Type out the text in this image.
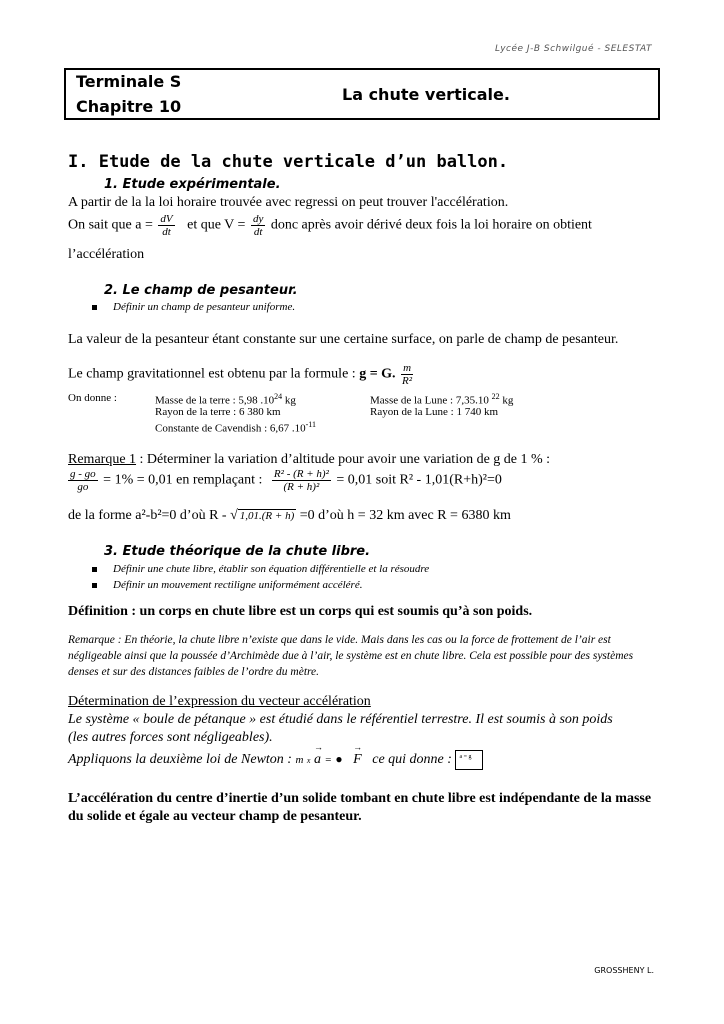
Lycée J-B Schwilgué - SELESTAT
Terminale S
Chapitre 10
La chute verticale.
I. Etude de la chute verticale d’un ballon.
1. Etude expérimentale.
A partir de la la loi horaire trouvée avec regressi on peut trouver l'accélération.
On sait que $a = \frac{dV}{dt}$ et que $V = \frac{dy}{dt}$ donc après avoir dérivé deux fois la loi horaire on obtient
l’accélération
2. Le champ de pesanteur.
Définir un champ de pesanteur uniforme.
La valeur de la pesanteur étant constante sur une certaine surface, on parle de champ de pesanteur.
Le champ gravitationnel est obtenu par la formule : g = G. $\frac{m}{\text{R²}}$
On donne :	Masse de la terre : 5,98 $.10^{24}$ kg
Rayon de la terre : 6 380 km
Constante de Cavendish : 6,67 $.10^{-11}$
Masse de la Lune : 7,35.10 $^{22}$ kg
Rayon de la Lune : 1 740 km
Remarque 1 : Déterminer la variation d’altitude pour avoir une variation de g de 1 % :
$\frac{g - go}{go} = 1\% = 0,01$ en remplaçant : $\frac{\text{R² - (R + h)²}}{\text{(R + h)²}} = 0,01$ soit R² - 1,01(R+h)²=0
de la forme a²-b²=0 d’où R - √ 1,01.(R + h) =0 d’où h = 32 km avec R = 6380 km
3. Etude théorique de la chute libre.
Définir une chute libre, établir son équation différentielle et la résoudre
Définir un mouvement rectiligne uniformément accéléré.
Définition : un corps en chute libre est un corps qui est soumis qu’à son poids.
Remarque : En théorie, la chute libre n’existe que dans le vide. Mais dans les cas ou la force de frottement de l’air est négligeable ainsi que la poussée d’Archimède due à l’air, le système est en chute libre. Cela est possible pour des systèmes denses et sur des distances faibles de l’ordre du mètre.
Détermination de l’expression du vecteur accélération
Le système « boule de pétanque » est étudié dans le référentiel terrestre. Il est soumis à son poids
(les autres forces sont négligeables).
Appliquons la deuxième loi de Newton : m x → a = ● → F ce qui donne : a = g
L’accélération du centre d’inertie d’un solide tombant en chute libre est indépendante de la masse du solide et égale au vecteur champ de pesanteur.
GROSSHENY L.
